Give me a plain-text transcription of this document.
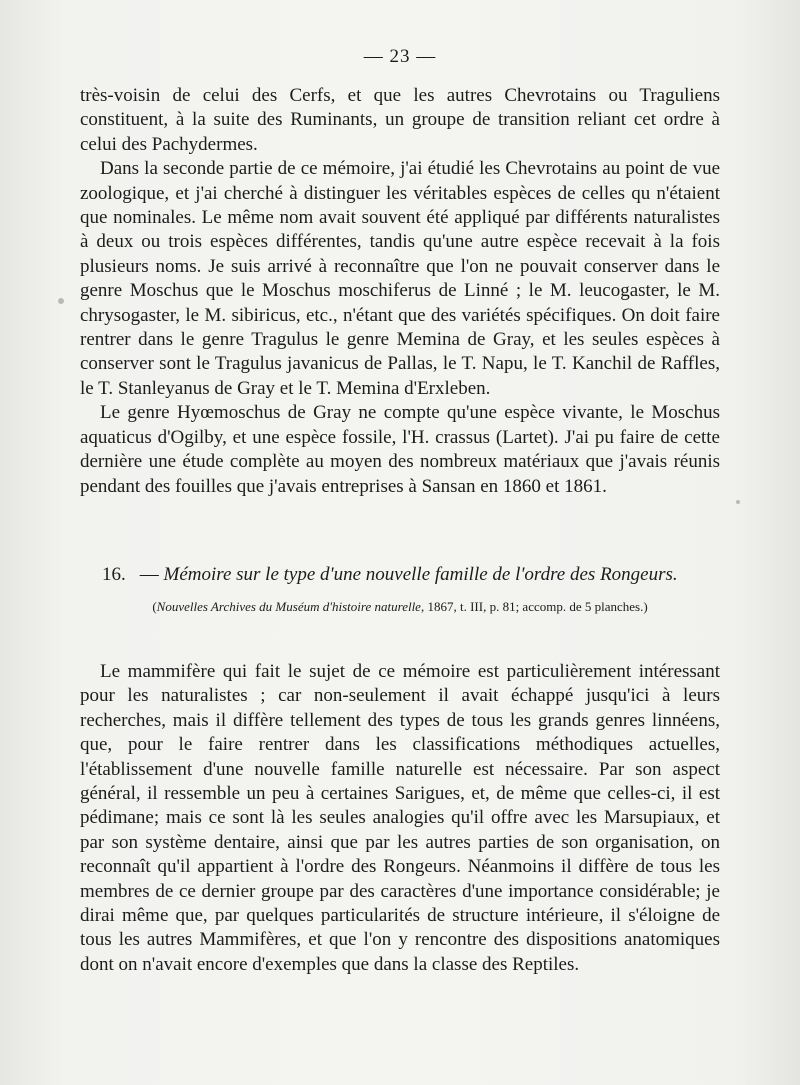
— 23 —

très-voisin de celui des Cerfs, et que les autres Chevrotains ou Traguliens constituent, à la suite des Ruminants, un groupe de transition reliant cet ordre à celui des Pachydermes.

Dans la seconde partie de ce mémoire, j'ai étudié les Chevrotains au point de vue zoologique, et j'ai cherché à distinguer les véritables espèces de celles qu n'étaient que nominales. Le même nom avait souvent été appliqué par différents naturalistes à deux ou trois espèces différentes, tandis qu'une autre espèce recevait à la fois plusieurs noms. Je suis arrivé à reconnaître que l'on ne pouvait conserver dans le genre Moschus que le Moschus moschiferus de Linné ; le M. leucogaster, le M. chrysogaster, le M. sibiricus, etc., n'étant que des variétés spécifiques. On doit faire rentrer dans le genre Tragulus le genre Memina de Gray, et les seules espèces à conserver sont le Tragulus javanicus de Pallas, le T. Napu, le T. Kanchil de Raffles, le T. Stanleyanus de Gray et le T. Memina d'Erxleben.

Le genre Hyœmoschus de Gray ne compte qu'une espèce vivante, le Moschus aquaticus d'Ogilby, et une espèce fossile, l'H. crassus (Lartet). J'ai pu faire de cette dernière une étude complète au moyen des nombreux matériaux que j'avais réunis pendant des fouilles que j'avais entreprises à Sansan en 1860 et 1861.

16. — Mémoire sur le type d'une nouvelle famille de l'ordre des Rongeurs.

(Nouvelles Archives du Muséum d'histoire naturelle, 1867, t. III, p. 81; accomp. de 5 planches.)

Le mammifère qui fait le sujet de ce mémoire est particulièrement intéressant pour les naturalistes ; car non-seulement il avait échappé jusqu'ici à leurs recherches, mais il diffère tellement des types de tous les grands genres linnéens, que, pour le faire rentrer dans les classifications méthodiques actuelles, l'établissement d'une nouvelle famille naturelle est nécessaire. Par son aspect général, il ressemble un peu à certaines Sarigues, et, de même que celles-ci, il est pédimane; mais ce sont là les seules analogies qu'il offre avec les Marsupiaux, et par son système dentaire, ainsi que par les autres parties de son organisation, on reconnaît qu'il appartient à l'ordre des Rongeurs. Néanmoins il diffère de tous les membres de ce dernier groupe par des caractères d'une importance considérable; je dirai même que, par quelques particularités de structure intérieure, il s'éloigne de tous les autres Mammifères, et que l'on y rencontre des dispositions anatomiques dont on n'avait encore d'exemples que dans la classe des Reptiles.
